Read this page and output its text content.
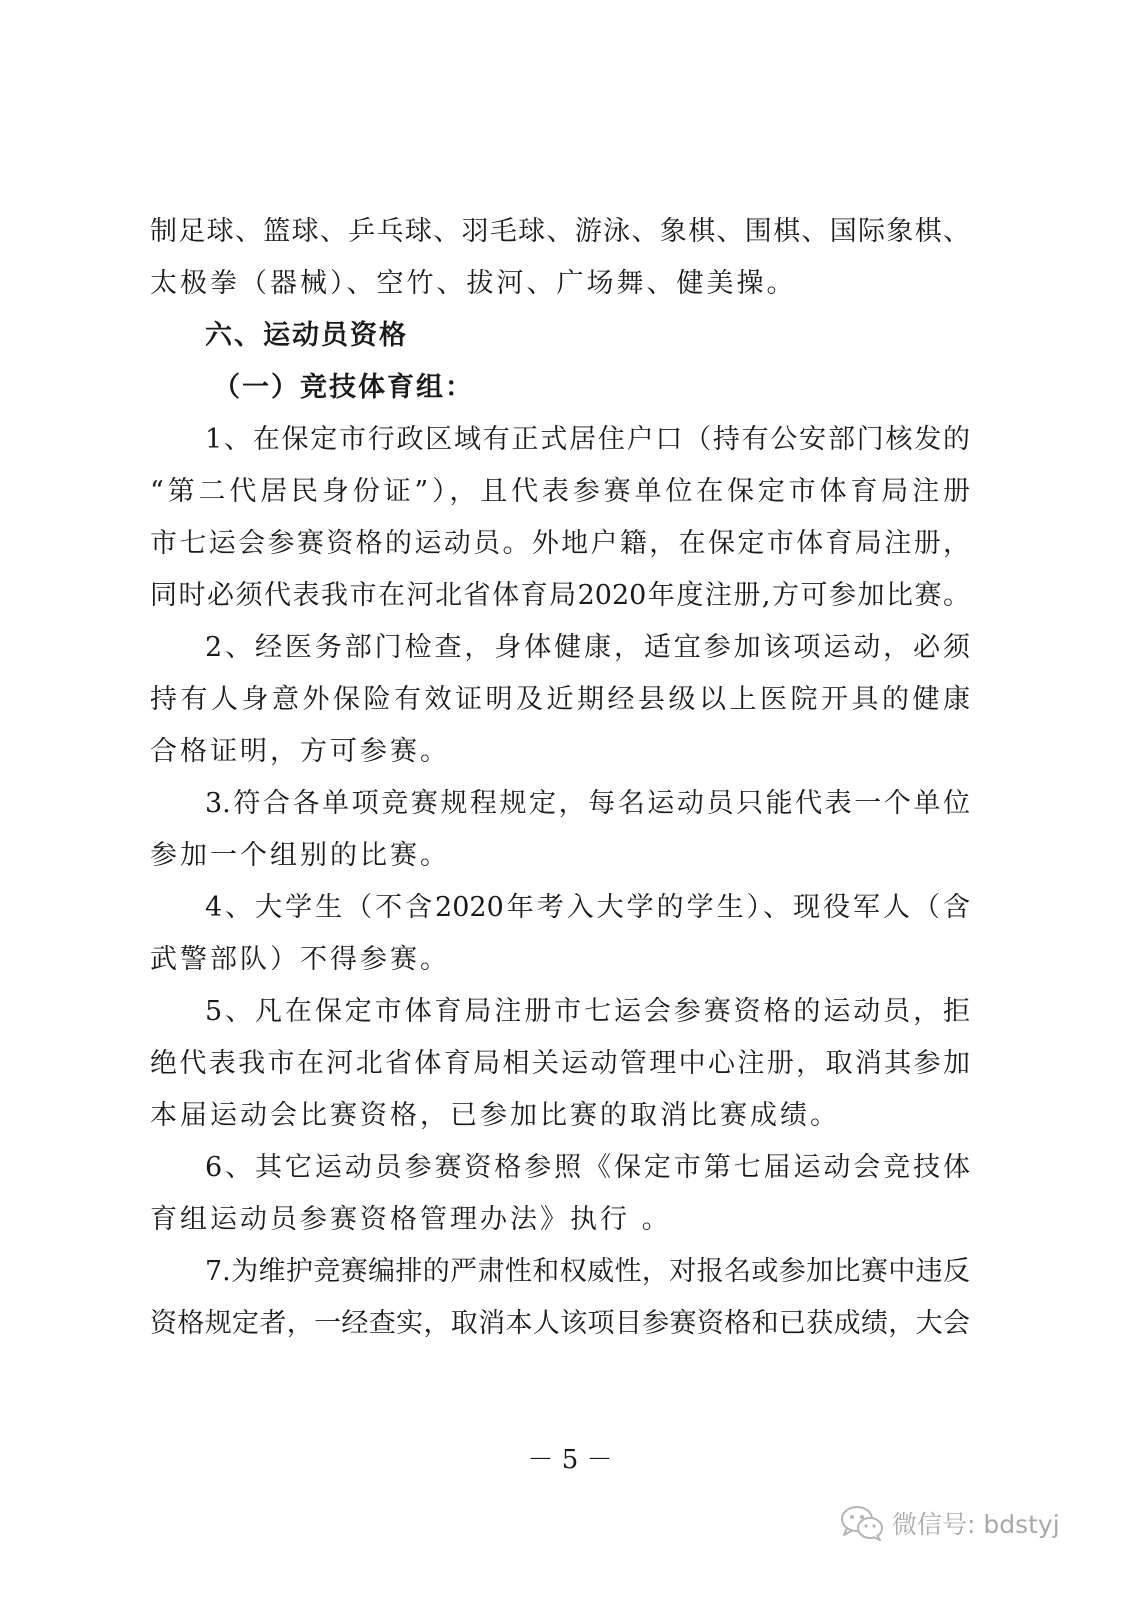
制足球、篮球、乒乓球、羽毛球、游泳、象棋、围棋、国际象棋、
太极拳（器械）、空竹、拔河、广场舞、健美操。
六、运动员资格
（一）竞技体育组：
1、在保定市行政区域有正式居住户口（持有公安部门核发的
“第二代居民身份证”），且代表参赛单位在保定市体育局注册
市七运会参赛资格的运动员。外地户籍，在保定市体育局注册，
同时必须代表我市在河北省体育局2020年度注册,方可参加比赛。
2、经医务部门检查，身体健康，适宜参加该项运动，必须
持有人身意外保险有效证明及近期经县级以上医院开具的健康
合格证明，方可参赛。
3.符合各单项竞赛规程规定，每名运动员只能代表一个单位
参加一个组别的比赛。
4、大学生（不含2020年考入大学的学生）、现役军人（含
武警部队）不得参赛。
5、凡在保定市体育局注册市七运会参赛资格的运动员，拒
绝代表我市在河北省体育局相关运动管理中心注册，取消其参加
本届运动会比赛资格，已参加比赛的取消比赛成绩。
6、其它运动员参赛资格参照《保定市第七届运动会竞技体
育组运动员参赛资格管理办法》执行 。
7.为维护竞赛编排的严肃性和权威性，对报名或参加比赛中违反
资格规定者，一经查实，取消本人该项目参赛资格和已获成绩，大会
－ 5 －
微信号: bdstyj
